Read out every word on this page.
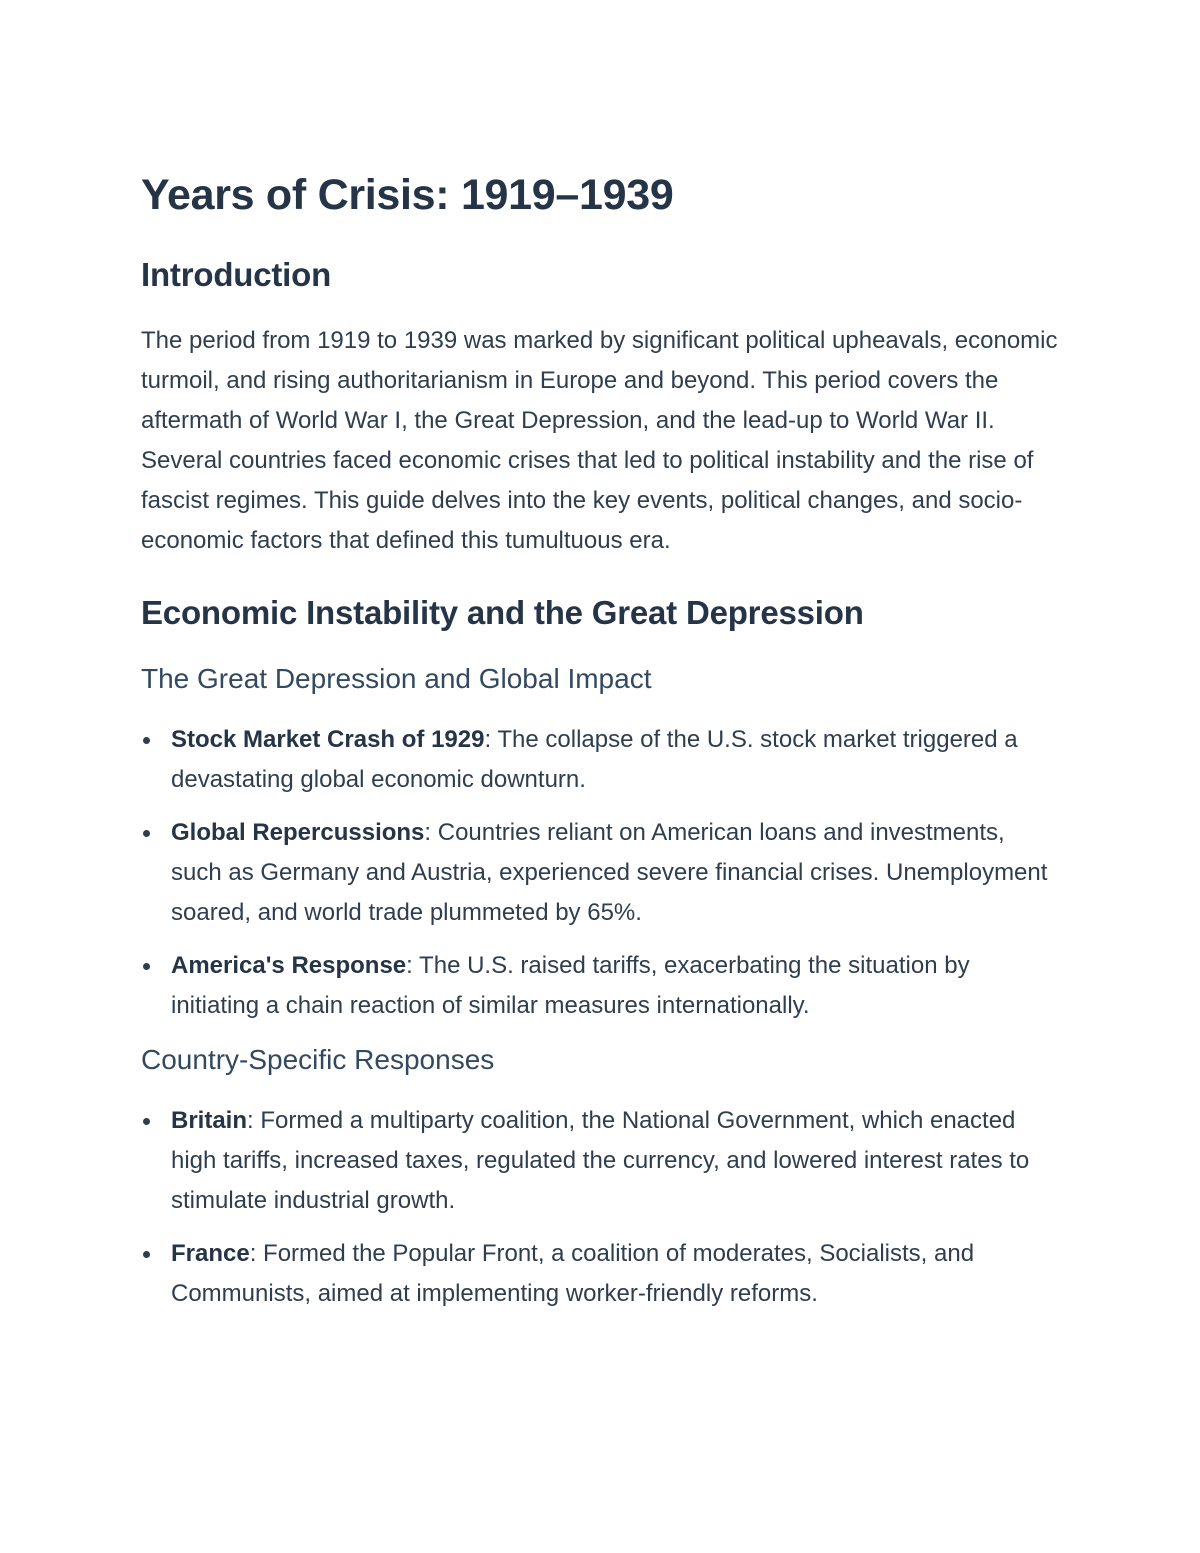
Years of Crisis: 1919–1939
Introduction

The period from 1919 to 1939 was marked by significant political upheavals, economic turmoil, and rising authoritarianism in Europe and beyond. This period covers the aftermath of World War I, the Great Depression, and the lead-up to World War II. Several countries faced economic crises that led to political instability and the rise of fascist regimes. This guide delves into the key events, political changes, and socio-economic factors that defined this tumultuous era.

Economic Instability and the Great Depression
The Great Depression and Global Impact
Stock Market Crash of 1929: The collapse of the U.S. stock market triggered a devastating global economic downturn.
Global Repercussions: Countries reliant on American loans and investments, such as Germany and Austria, experienced severe financial crises. Unemployment soared, and world trade plummeted by 65%.
America's Response: The U.S. raised tariffs, exacerbating the situation by initiating a chain reaction of similar measures internationally.
Country-Specific Responses
Britain: Formed a multiparty coalition, the National Government, which enacted high tariffs, increased taxes, regulated the currency, and lowered interest rates to stimulate industrial growth.
France: Formed the Popular Front, a coalition of moderates, Socialists, and Communists, aimed at implementing worker-friendly reforms.
